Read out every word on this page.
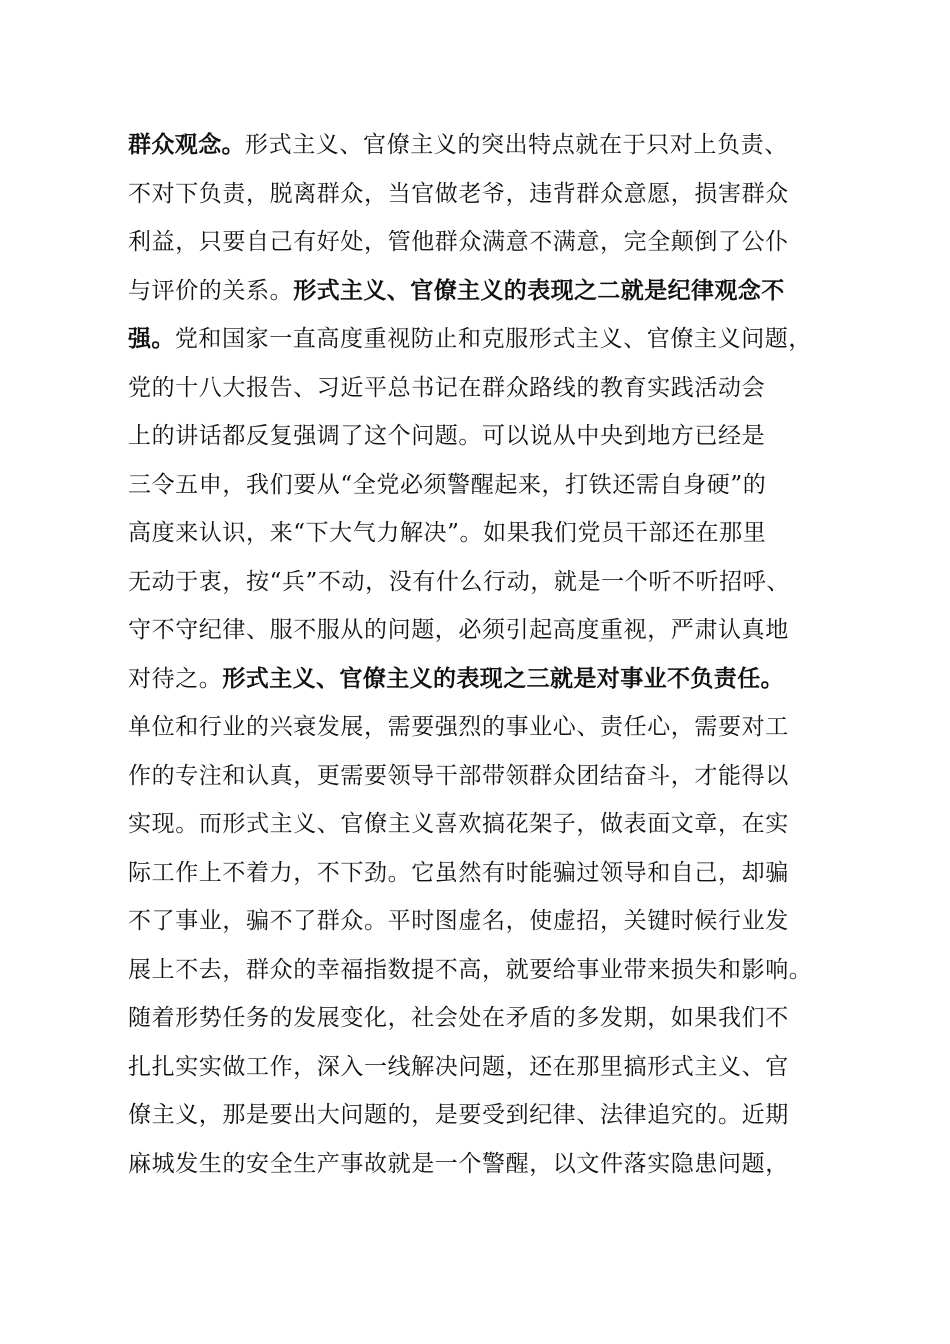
群众观念。形式主义、官僚主义的突出特点就在于只对上负责、
不对下负责，脱离群众，当官做老爷，违背群众意愿，损害群众
利益，只要自己有好处，管他群众满意不满意，完全颠倒了公仆
与评价的关系。形式主义、官僚主义的表现之二就是纪律观念不
强。党和国家一直高度重视防止和克服形式主义、官僚主义问题，
党的十八大报告、习近平总书记在群众路线的教育实践活动会
上的讲话都反复强调了这个问题。可以说从中央到地方已经是
三令五申，我们要从“全党必须警醒起来，打铁还需自身硬”的
高度来认识，来“下大气力解决”。如果我们党员干部还在那里
无动于衷，按“兵”不动，没有什么行动，就是一个听不听招呼、
守不守纪律、服不服从的问题，必须引起高度重视，严肃认真地
对待之。形式主义、官僚主义的表现之三就是对事业不负责任。
单位和行业的兴衰发展，需要强烈的事业心、责任心，需要对工
作的专注和认真，更需要领导干部带领群众团结奋斗，才能得以
实现。而形式主义、官僚主义喜欢搞花架子，做表面文章，在实
际工作上不着力，不下劲。它虽然有时能骗过领导和自己，却骗
不了事业，骗不了群众。平时图虚名，使虚招，关键时候行业发
展上不去，群众的幸福指数提不高，就要给事业带来损失和影响。
随着形势任务的发展变化，社会处在矛盾的多发期，如果我们不
扎扎实实做工作，深入一线解决问题，还在那里搞形式主义、官
僚主义，那是要出大问题的，是要受到纪律、法律追究的。近期
麻城发生的安全生产事故就是一个警醒，以文件落实隐患问题，
